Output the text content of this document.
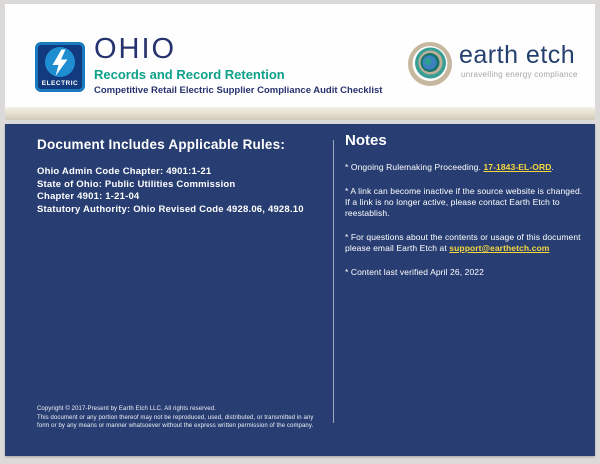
ELECTRIC
OHIO
Records and Record Retention
Competitive Retail Electric Supplier Compliance Audit Checklist
earth etch
unravelling energy compliance
Document Includes Applicable Rules:
Ohio Admin Code Chapter: 4901:1-21
State of Ohio: Public Utilities Commission
Chapter 4901: 1-21-04
Statutory Authority: Ohio Revised Code 4928.06, 4928.10
Notes
* Ongoing Rulemaking Proceeding. 17-1843-EL-ORD.
* A link can become inactive if the source website is changed. If a link is no longer active, please contact Earth Etch to reestablish.
* For questions about the contents or usage of this document please email Earth Etch at support@earthetch.com
* Content last verified April 26, 2022
Copyright © 2017-Present by Earth Etch LLC. All rights reserved.
This document or any portion thereof may not be reproduced, used, distributed, or transmitted in any
form or by any means or manner whatsoever without the express written permission of the company.
